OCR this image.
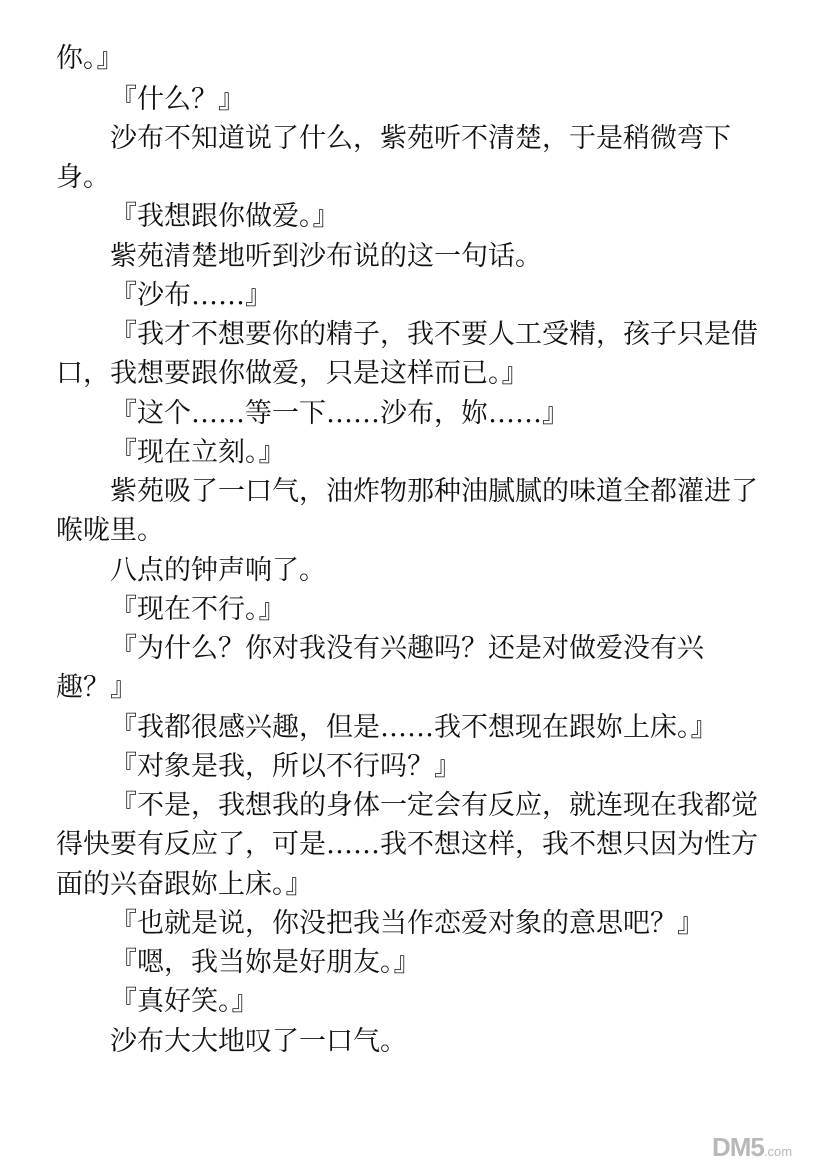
你。』
『什么？』
沙布不知道说了什么，紫苑听不清楚，于是稍微弯下
身。
『我想跟你做爱。』
紫苑清楚地听到沙布说的这一句话。
『沙布……』
『我才不想要你的精子，我不要人工受精，孩子只是借
口，我想要跟你做爱，只是这样而已。』
『这个……等一下……沙布，妳……』
『现在立刻。』
紫苑吸了一口气，油炸物那种油腻腻的味道全都灌进了
喉咙里。
八点的钟声响了。
『现在不行。』
『为什么？你对我没有兴趣吗？还是对做爱没有兴
趣？』
『我都很感兴趣，但是……我不想现在跟妳上床。』
『对象是我，所以不行吗？』
『不是，我想我的身体一定会有反应，就连现在我都觉
得快要有反应了，可是……我不想这样，我不想只因为性方
面的兴奋跟妳上床。』
『也就是说，你没把我当作恋爱对象的意思吧？』
『嗯，我当妳是好朋友。』
『真好笑。』
沙布大大地叹了一口气。
DM5.com
